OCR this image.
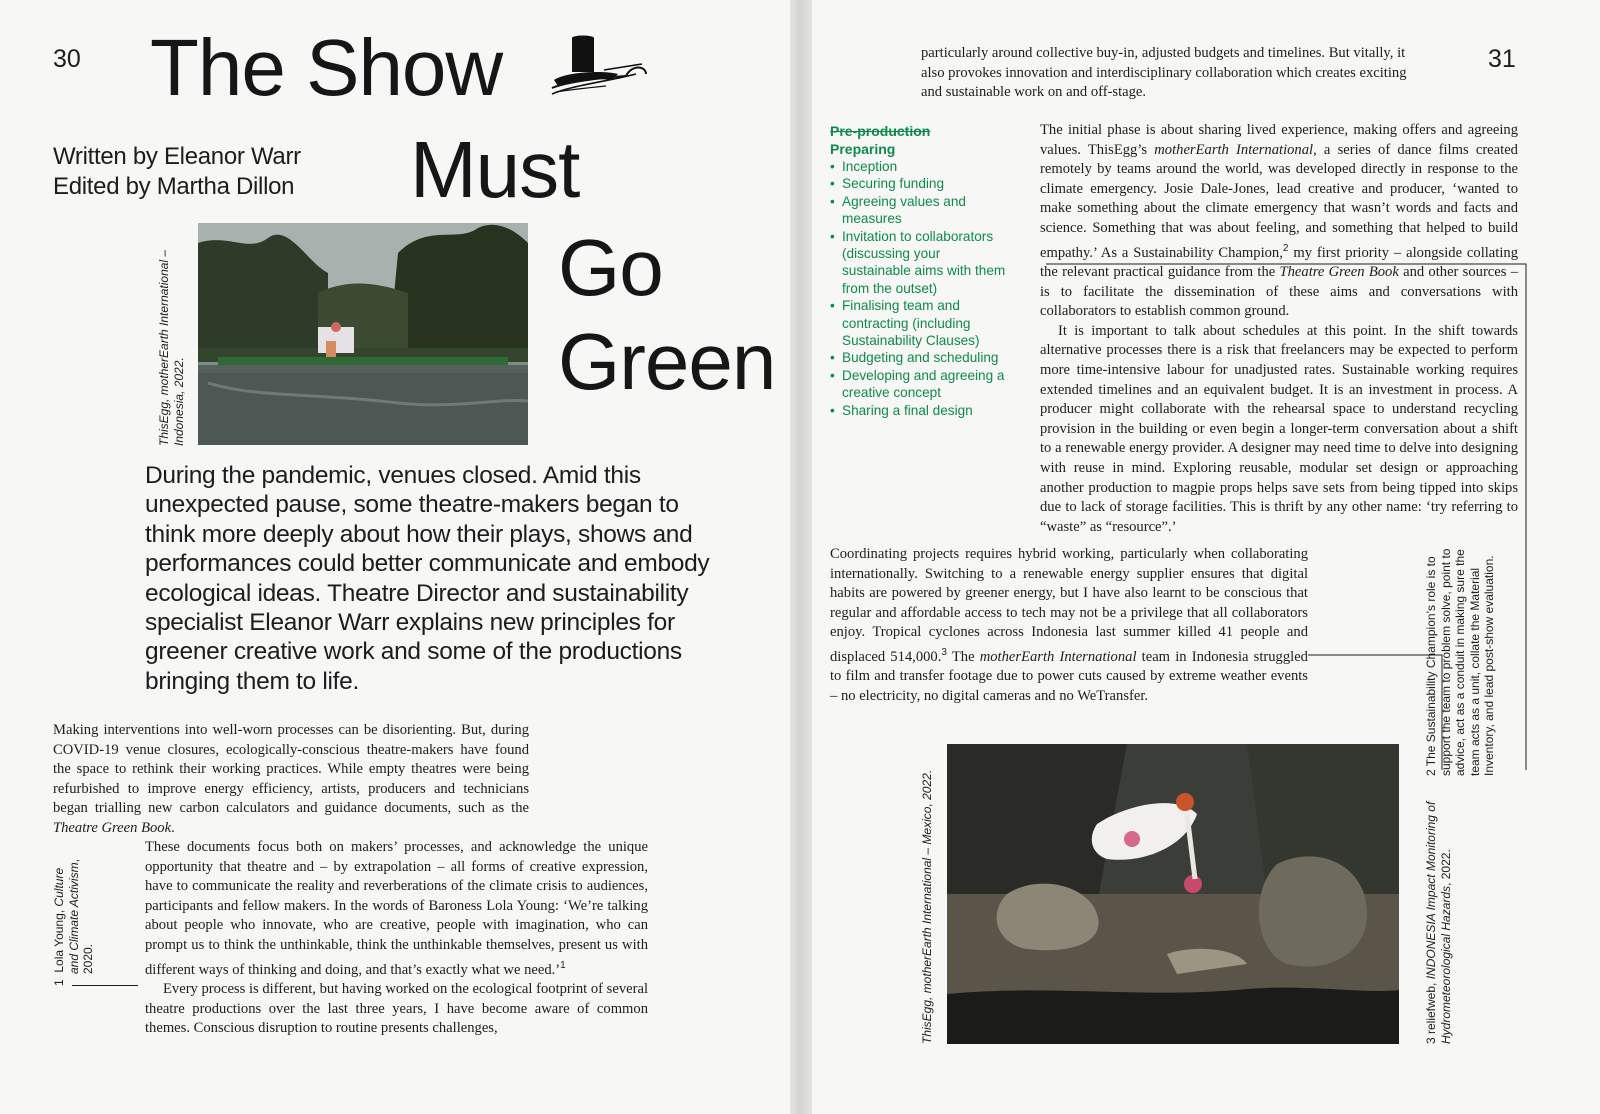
30 The Show
Written by Eleanor Warr
Edited by Martha Dillon Must
Go
Green
ThisEgg, motherEarth International – Indonesia, 2022.
During the pandemic, venues closed. Amid this unexpected pause, some theatre-makers began to think more deeply about how their plays, shows and performances could better communicate and embody ecological ideas. Theatre Director and sustainability specialist Eleanor Warr explains new principles for greener creative work and some of the productions bringing them to life.

Making interventions into well-worn processes can be disorienting. But, during COVID-19 venue closures, ecologically-conscious theatre-makers have found the space to rethink their working practices. While empty theatres were being refurbished to improve energy efficiency, artists, producers and technicians began trialling new carbon calculators and guidance documents, such as the Theatre Green Book.

These documents focus both on makers’ processes, and acknowledge the unique opportunity that theatre and – by extrapolation – all forms of creative expression, have to communicate the reality and reverberations of the climate crisis to audiences, participants and fellow makers. In the words of Baroness Lola Young: ‘We’re talking about people who innovate, who are creative, people with imagination, who can prompt us to think the unthinkable, think the unthinkable themselves, present us with different ways of thinking and doing, and that’s exactly what we need.’$^1$

Every process is different, but having worked on the ecological footprint of several theatre productions over the last three years, I have become aware of common themes. Conscious disruption to routine presents challenges,

1  Lola Young, Culture and Climate Activism,
2020.
particularly around collective buy-in, adjusted budgets and timelines. But vitally, it also provokes innovation and interdisciplinary collaboration which creates exciting and sustainable work on and off-stage.
31
Pre-production
Preparing
• Inception
• Securing funding
• Agreeing values and measures
• Invitation to collaborators (discussing your sustainable aims with them from the outset)
• Finalising team and contracting (including Sustainability Clauses)
• Budgeting and scheduling
• Developing and agreeing a creative concept
• Sharing a final design

The initial phase is about sharing lived experience, making offers and agreeing values. ThisEgg’s motherEarth International, a series of dance films created remotely by teams around the world, was developed directly in response to the climate emergency. Josie Dale-Jones, lead creative and producer, ‘wanted to make something about the climate emergency that wasn’t words and facts and science. Something that was about feeling, and something that helped to build empathy.’ As a Sustainability Champion,$^2$ my first priority – alongside collating the relevant practical guidance from the Theatre Green Book and other sources – is to facilitate the dissemination of these aims and conversations with collaborators to establish common ground.

It is important to talk about schedules at this point. In the shift towards alternative processes there is a risk that freelancers may be expected to perform more time-intensive labour for unadjusted rates. Sustainable working requires extended timelines and an equivalent budget. It is an investment in process. A producer might collaborate with the rehearsal space to understand recycling provision in the building or even begin a longer-term conversation about a shift to a renewable energy provider. A designer may need time to delve into designing with reuse in mind. Exploring reusable, modular set design or approaching another production to magpie props helps save sets from being tipped into skips due to lack of storage facilities. This is thrift by any other name: ‘try referring to “waste” as “resource”.’

Coordinating projects requires hybrid working, particularly when collaborating internationally. Switching to a renewable energy supplier ensures that digital habits are powered by greener energy, but I have also learnt to be conscious that regular and affordable access to tech may not be a privilege that all collaborators enjoy. Tropical cyclones across Indonesia last summer killed 41 people and displaced 514,000.$^3$ The motherEarth International team in Indonesia struggled to film and transfer footage due to power cuts caused by extreme weather events – no electricity, no digital cameras and no WeTransfer.

ThisEgg, motherEarth International – Mexico, 2022.
2 The Sustainability Champion’s role is to support the team to problem solve, point to advice, act as a conduit in making sure the team acts as a unit, collate the Material Inventory, and lead post-show evaluation.
3 reliefweb, INDONESIA Impact Monitoring of Hydrometeorological Hazards, 2022.
